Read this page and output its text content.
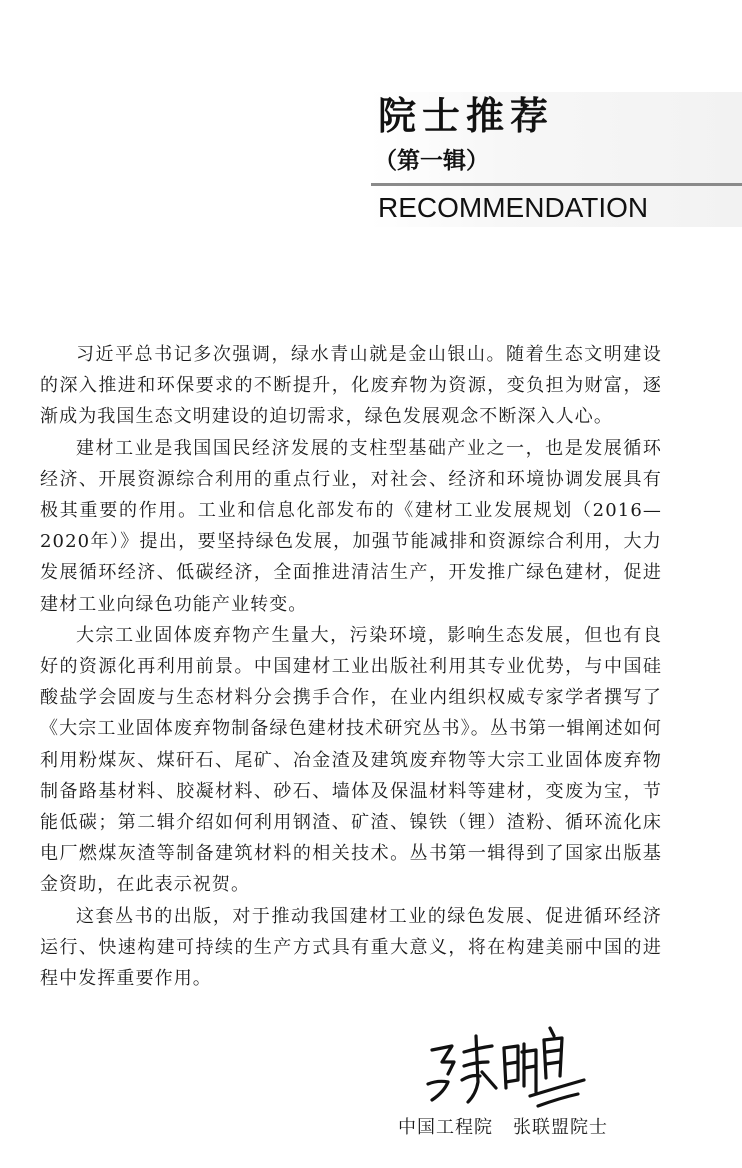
院士推荐
（第一辑）
RECOMMENDATION

习近平总书记多次强调，绿水青山就是金山银山。随着生态文明建设的深入推进和环保要求的不断提升，化废弃物为资源，变负担为财富，逐渐成为我国生态文明建设的迫切需求，绿色发展观念不断深入人心。

建材工业是我国国民经济发展的支柱型基础产业之一，也是发展循环经济、开展资源综合利用的重点行业，对社会、经济和环境协调发展具有极其重要的作用。工业和信息化部发布的《建材工业发展规划（2016—2020年）》提出，要坚持绿色发展，加强节能减排和资源综合利用，大力发展循环经济、低碳经济，全面推进清洁生产，开发推广绿色建材，促进建材工业向绿色功能产业转变。

大宗工业固体废弃物产生量大，污染环境，影响生态发展，但也有良好的资源化再利用前景。中国建材工业出版社利用其专业优势，与中国硅酸盐学会固废与生态材料分会携手合作，在业内组织权威专家学者撰写了《大宗工业固体废弃物制备绿色建材技术研究丛书》。丛书第一辑阐述如何利用粉煤灰、煤矸石、尾矿、冶金渣及建筑废弃物等大宗工业固体废弃物制备路基材料、胶凝材料、砂石、墙体及保温材料等建材，变废为宝，节能低碳；第二辑介绍如何利用钢渣、矿渣、镍铁（锂）渣粉、循环流化床电厂燃煤灰渣等制备建筑材料的相关技术。丛书第一辑得到了国家出版基金资助，在此表示祝贺。

这套丛书的出版，对于推动我国建材工业的绿色发展、促进循环经济运行、快速构建可持续的生产方式具有重大意义，将在构建美丽中国的进程中发挥重要作用。

中国工程院 张联盟院士
